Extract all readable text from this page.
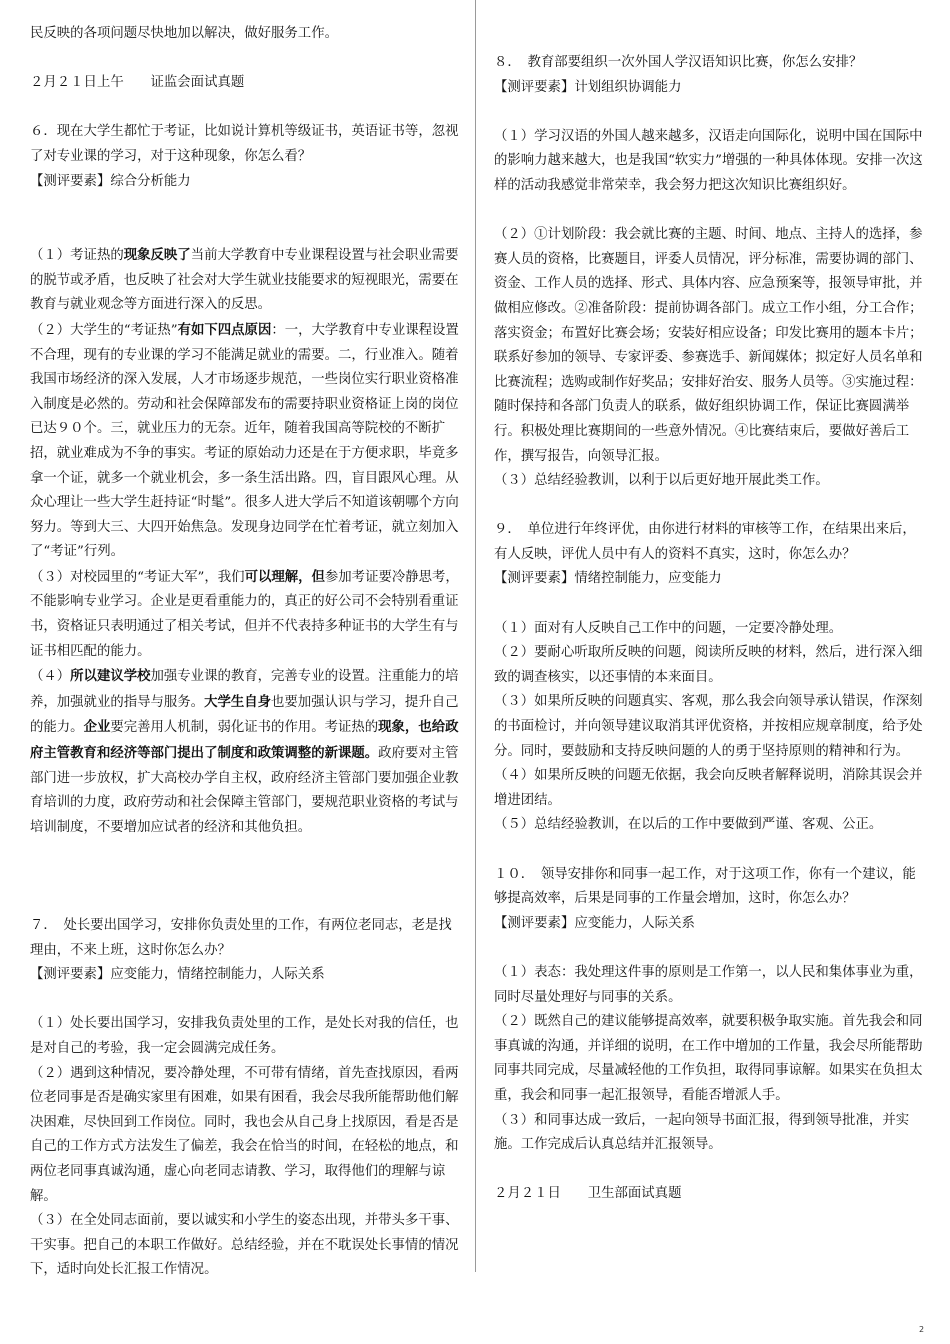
民反映的各项问题尽快地加以解决，做好服务工作。

２月２１日上午　　证监会面试真题

６．现在大学生都忙于考证，比如说计算机等级证书，英语证书等，忽视了对专业课的学习，对于这种现象，你怎么看？

【测评要素】综合分析能力

（１）考证热的现象反映了当前大学教育中专业课程设置与社会职业需要的脱节或矛盾，也反映了社会对大学生就业技能要求的短视眼光，需要在教育与就业观念等方面进行深入的反思。

（２）大学生的“考证热”有如下四点原因：一，大学教育中专业课程设置不合理，现有的专业课的学习不能满足就业的需要。二，行业准入。随着我国市场经济的深入发展，人才市场逐步规范，一些岗位实行职业资格准入制度是必然的。劳动和社会保障部发布的需要持职业资格证上岗的岗位已达９０个。三，就业压力的无奈。近年，随着我国高等院校的不断扩招，就业难成为不争的事实。考证的原始动力还是在于方便求职，毕竟多拿一个证，就多一个就业机会，多一条生活出路。四，盲目跟风心理。从众心理让一些大学生赶持证“时髦”。很多人进大学后不知道该朝哪个方向努力。等到大三、大四开始焦急。发现身边同学在忙着考证，就立刻加入了“考证”行列。

（３）对校园里的“考证大军”，我们可以理解，但参加考证要冷静思考，不能影响专业学习。企业是更看重能力的，真正的好公司不会特别看重证书，资格证只表明通过了相关考试，但并不代表持多种证书的大学生有与证书相匹配的能力。

（４）所以建议学校加强专业课的教育，完善专业的设置。注重能力的培养，加强就业的指导与服务。大学生自身也要加强认识与学习，提升自己的能力。企业要完善用人机制，弱化证书的作用。考证热的现象，也给政府主管教育和经济等部门提出了制度和政策调整的新课题。政府要对主管部门进一步放权，扩大高校办学自主权，政府经济主管部门要加强企业教育培训的力度，政府劳动和社会保障主管部门，要规范职业资格的考试与培训制度，不要增加应试者的经济和其他负担。

７．　处长要出国学习，安排你负责处里的工作，有两位老同志，老是找理由，不来上班，这时你怎么办？

【测评要素】应变能力，情绪控制能力，人际关系

（１）处长要出国学习，安排我负责处里的工作，是处长对我的信任，也是对自己的考验，我一定会圆满完成任务。

（２）遇到这种情况，要冷静处理，不可带有情绪，首先查找原因，看两位老同事是否是确实家里有困难，如果有困看，我会尽我所能帮助他们解决困难，尽快回到工作岗位。同时，我也会从自己身上找原因，看是否是自己的工作方式方法发生了偏差，我会在恰当的时间，在轻松的地点，和两位老同事真诚沟通，虚心向老同志请教、学习，取得他们的理解与谅解。

（３）在全处同志面前，要以诚实和小学生的姿态出现，并带头多干事、干实事。把自己的本职工作做好。总结经验，并在不耽误处长事情的情况下，适时向处长汇报工作情况。

８．　教育部要组织一次外国人学汉语知识比赛，你怎么安排？

【测评要素】计划组织协调能力

（１）学习汉语的外国人越来越多，汉语走向国际化，说明中国在国际中的影响力越来越大，也是我国“软实力”增强的一种具体体现。安排一次这样的活动我感觉非常荣幸，我会努力把这次知识比赛组织好。

（２）①计划阶段：我会就比赛的主题、时间、地点、主持人的选择，参赛人员的资格，比赛题目，评委人员情况，评分标准，需要协调的部门、资金、工作人员的选择、形式、具体内容、应急预案等，报领导审批，并做相应修改。②准备阶段：提前协调各部门。成立工作小组，分工合作；落实资金；布置好比赛会场；安装好相应设备；印发比赛用的题本卡片；联系好参加的领导、专家评委、参赛选手、新闻媒体；拟定好人员名单和比赛流程；选购或制作好奖品；安排好治安、服务人员等。③实施过程：随时保持和各部门负责人的联系，做好组织协调工作，保证比赛圆满举行。积极处理比赛期间的一些意外情况。④比赛结束后，要做好善后工作，撰写报告，向领导汇报。

（３）总结经验教训，以利于以后更好地开展此类工作。

９．　单位进行年终评优，由你进行材料的审核等工作，在结果出来后，有人反映，评优人员中有人的资料不真实，这时，你怎么办？

【测评要素】情绪控制能力，应变能力

（１）面对有人反映自己工作中的问题，一定要冷静处理。

（２）要耐心听取所反映的问题，阅读所反映的材料，然后，进行深入细致的调查核实，以还事情的本来面目。

（３）如果所反映的问题真实、客观，那么我会向领导承认错误，作深刻的书面检讨，并向领导建议取消其评优资格，并按相应规章制度，给予处分。同时，要鼓励和支持反映问题的人的勇于坚持原则的精神和行为。

（４）如果所反映的问题无依据，我会向反映者解释说明，消除其误会并增进团结。

（５）总结经验教训，在以后的工作中要做到严谨、客观、公正。

１０．　领导安排你和同事一起工作，对于这项工作，你有一个建议，能够提高效率，后果是同事的工作量会增加，这时，你怎么办？

【测评要素】应变能力，人际关系

（１）表态：我处理这件事的原则是工作第一，以人民和集体事业为重，同时尽量处理好与同事的关系。

（２）既然自己的建议能够提高效率，就要积极争取实施。首先我会和同事真诚的沟通，并详细的说明，在工作中增加的工作量，我会尽所能帮助同事共同完成，尽量减轻他的工作负担，取得同事谅解。如果实在负担太重，我会和同事一起汇报领导，看能否增派人手。

（３）和同事达成一致后，一起向领导书面汇报，得到领导批准，并实施。工作完成后认真总结并汇报领导。

２月２１日　　卫生部面试真题

2
